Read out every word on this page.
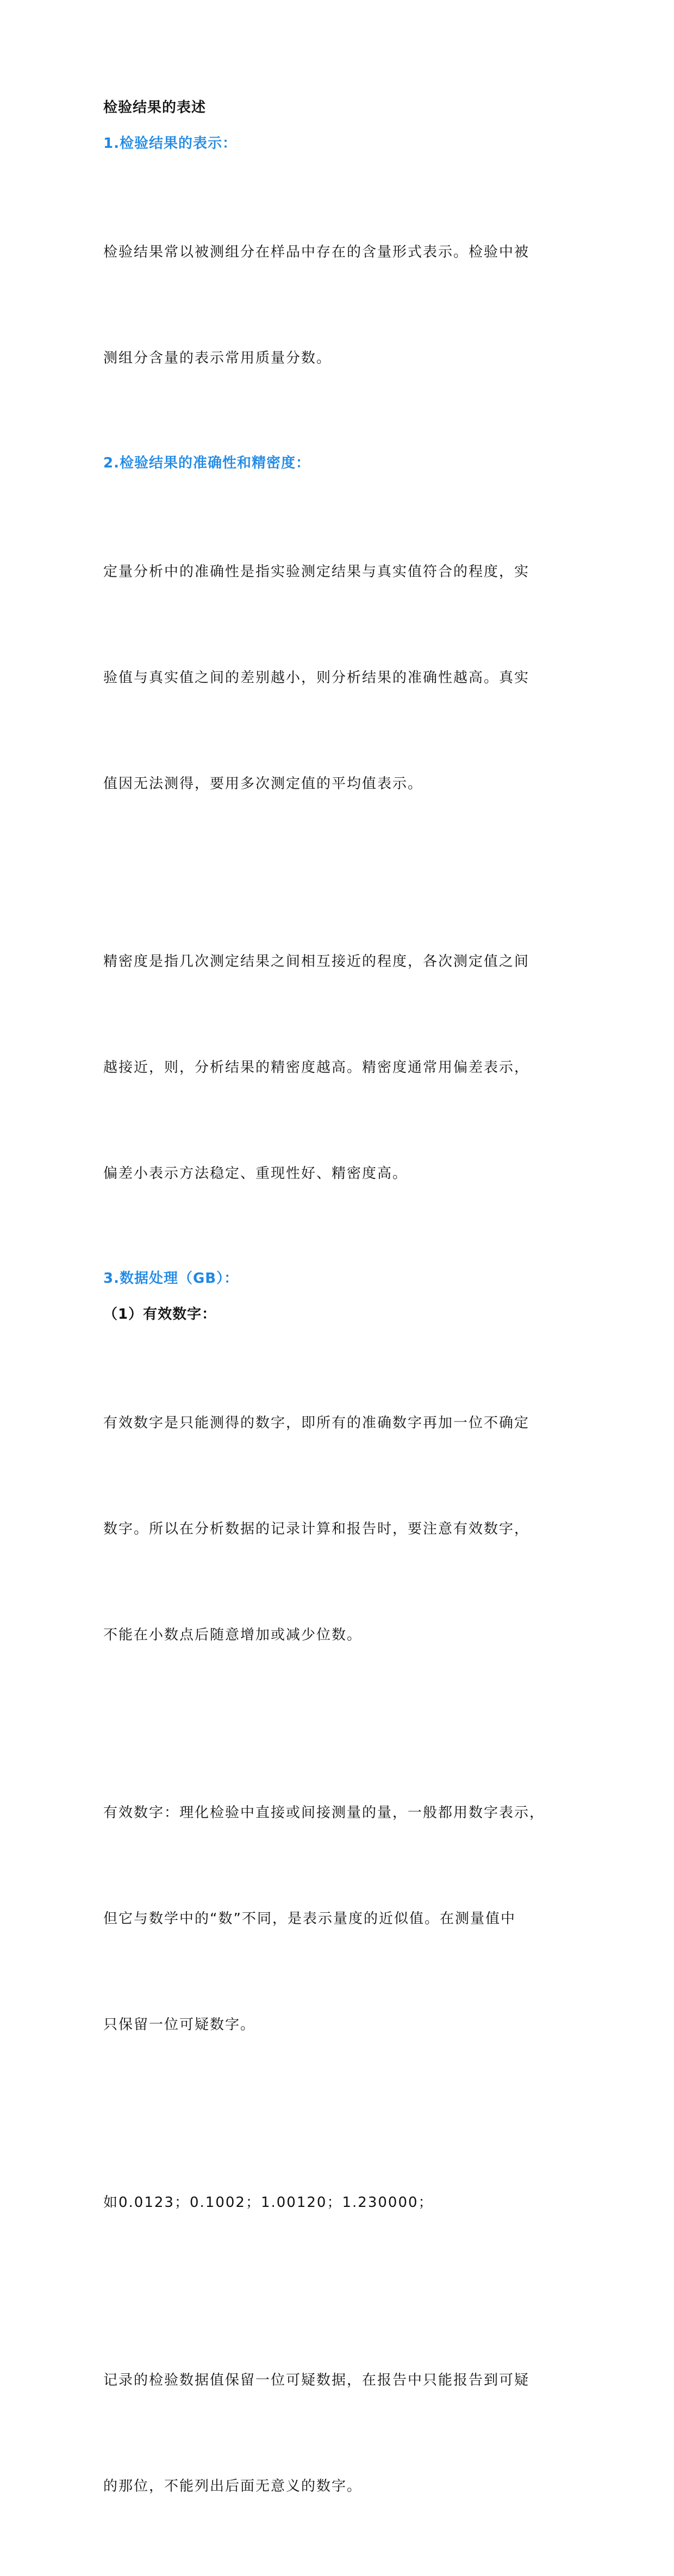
检验结果的表述
1.检验结果的表示：

检验结果常以被测组分在样品中存在的含量形式表示。检验中被

测组分含量的表示常用质量分数。

2.检验结果的准确性和精密度：

定量分析中的准确性是指实验测定结果与真实值符合的程度，实

验值与真实值之间的差别越小，则分析结果的准确性越高。真实

值因无法测得，要用多次测定值的平均值表示。

精密度是指几次测定结果之间相互接近的程度，各次测定值之间

越接近，则，分析结果的精密度越高。精密度通常用偏差表示，

偏差小表示方法稳定、重现性好、精密度高。

3.数据处理（GB）：
（1）有效数字：

有效数字是只能测得的数字，即所有的准确数字再加一位不确定

数字。所以在分析数据的记录计算和报告时，要注意有效数字，

不能在小数点后随意增加或减少位数。

有效数字：理化检验中直接或间接测量的量，一般都用数字表示，

但它与数学中的“数”不同，是表示量度的近似值。在测量值中

只保留一位可疑数字。

如0.0123；0.1002；1.00120；1.230000；

记录的检验数据值保留一位可疑数据，在报告中只能报告到可疑

的那位，不能列出后面无意义的数字。
